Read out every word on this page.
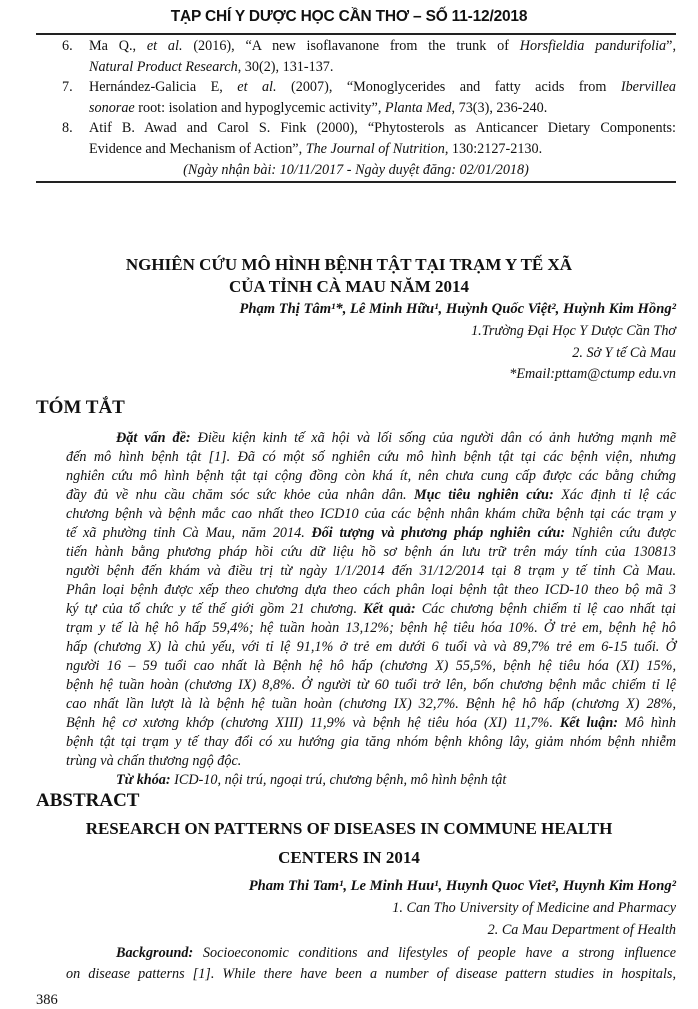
TẠP CHÍ Y DƯỢC HỌC CẦN THƠ – SỐ 11-12/2018
6. Ma Q., et al. (2016), “A new isoflavanone from the trunk of Horsfieldia pandurifolia”,
Natural Product Research, 30(2), 131-137.
7. Hernández-Galicia E, et al. (2007), “Monoglycerides and fatty acids from Ibervillea
sonorae root: isolation and hypoglycemic activity”, Planta Med, 73(3), 236-240.
8. Atif B. Awad and Carol S. Fink (2000), “Phytosterols as Anticancer Dietary Components:
Evidence and Mechanism of Action”, The Journal of Nutrition, 130:2127-2130.
(Ngày nhận bài: 10/11/2017 - Ngày duyệt đăng: 02/01/2018)
NGHIÊN CỨU MÔ HÌNH BỆNH TẬT TẠI TRẠM Y TẾ XÃ
CỦA TỈNH CÀ MAU NĂM 2014
Phạm Thị Tâm¹*, Lê Minh Hữu¹, Huỳnh Quốc Việt², Huỳnh Kim Hồng²
1.Trường Đại Học Y Dược Cần Thơ
2. Sở Y tế Cà Mau
*Email:pttam@ctump edu.vn
TÓM TẮT
Đặt vấn đề: Điều kiện kinh tế xã hội và lối sống của người dân có ảnh hưởng mạnh mẽ
đến mô hình bệnh tật [1]. Đã có một số nghiên cứu mô hình bệnh tật tại các bệnh viện, nhưng
nghiên cứu mô hình bệnh tật tại cộng đồng còn khá ít, nên chưa cung cấp được các bằng chứng
đầy đủ về nhu cầu chăm sóc sức khỏe của nhân dân. Mục tiêu nghiên cứu: Xác định tỉ lệ các
chương bệnh và bệnh mắc cao nhất theo ICD10 của các bệnh nhân khám chữa bệnh tại các trạm y
tế xã phường tỉnh Cà Mau, năm 2014. Đối tượng và phương pháp nghiên cứu: Nghiên cứu được
tiến hành bằng phương pháp hồi cứu dữ liệu hồ sơ bệnh án lưu trữ trên máy tính của 130813
người bệnh đến khám và điều trị từ ngày 1/1/2014 đến 31/12/2014 tại 8 trạm y tế tỉnh Cà Mau.
Phân loại bệnh được xếp theo chương dựa theo cách phân loại bệnh tật theo ICD-10 theo bộ mã 3
ký tự của tổ chức y tế thế giới gồm 21 chương. Kết quả: Các chương bệnh chiếm tỉ lệ cao nhất tại
trạm y tế là hệ hô hấp 59,4%; hệ tuần hoàn 13,12%; bệnh hệ tiêu hóa 10%. Ở trẻ em, bệnh hệ hô
hấp (chương X) là chủ yếu, với tỉ lệ 91,1% ở trẻ em dưới 6 tuổi và và 89,7% trẻ em 6-15 tuổi. Ở
người 16 – 59 tuổi cao nhất là Bệnh hệ hô hấp (chương X) 55,5%, bệnh hệ tiêu hóa (XI) 15%,
bệnh hệ tuần hoàn (chương IX) 8,8%. Ở người từ 60 tuổi trở lên, bốn chương bệnh mắc chiếm tỉ lệ
cao nhất lần lượt là là bệnh hệ tuần hoàn (chương IX) 32,7%. Bệnh hệ hô hấp (chương X) 28%,
Bệnh hệ cơ xương khớp (chương XIII) 11,9% và bệnh hệ tiêu hóa (XI) 11,7%. Kết luận: Mô hình
bệnh tật tại trạm y tế thay đổi có xu hướng gia tăng nhóm bệnh không lây, giảm nhóm bệnh nhiễm
trùng và chấn thương ngộ độc.
Từ khóa: ICD-10, nội trú, ngoại trú, chương bệnh, mô hình bệnh tật
ABSTRACT
RESEARCH ON PATTERNS OF DISEASES IN COMMUNE HEALTH
CENTERS IN 2014
Pham Thi Tam¹, Le Minh Huu¹, Huynh Quoc Viet², Huynh Kim Hong²
1. Can Tho University of Medicine and Pharmacy
2. Ca Mau Department of Health
Background: Socioeconomic conditions and lifestyles of people have a strong influence
on disease patterns [1]. While there have been a number of disease pattern studies in hospitals,
386
